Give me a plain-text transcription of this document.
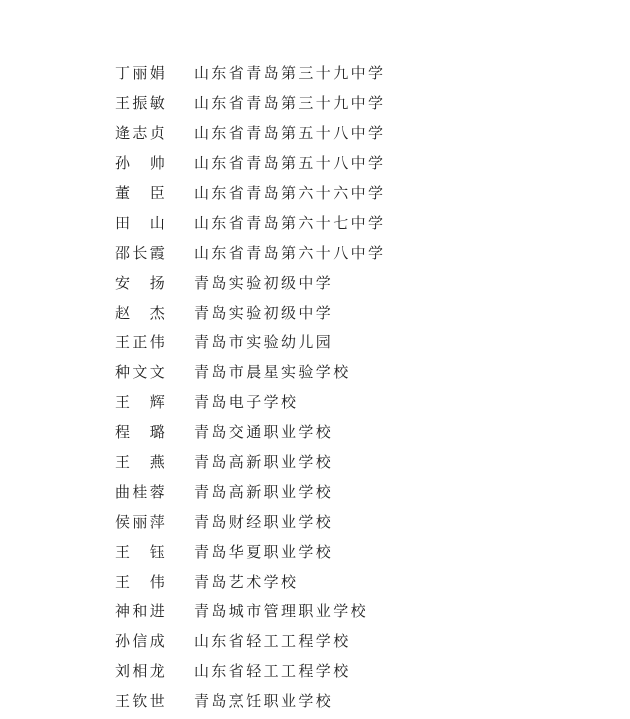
丁丽娟	山东省青岛第三十九中学
王振敏	山东省青岛第三十九中学
逄志贞	山东省青岛第五十八中学
孙　帅	山东省青岛第五十八中学
董　臣	山东省青岛第六十六中学
田　山	山东省青岛第六十七中学
邵长霞	山东省青岛第六十八中学
安　扬	青岛实验初级中学
赵　杰	青岛实验初级中学
王正伟	青岛市实验幼儿园
种文文	青岛市晨星实验学校
王　辉	青岛电子学校
程　璐	青岛交通职业学校
王　燕	青岛高新职业学校
曲桂蓉	青岛高新职业学校
侯丽萍	青岛财经职业学校
王　钰	青岛华夏职业学校
王　伟	青岛艺术学校
神和进	青岛城市管理职业学校
孙信成	山东省轻工工程学校
刘相龙	山东省轻工工程学校
王钦世	青岛烹饪职业学校
